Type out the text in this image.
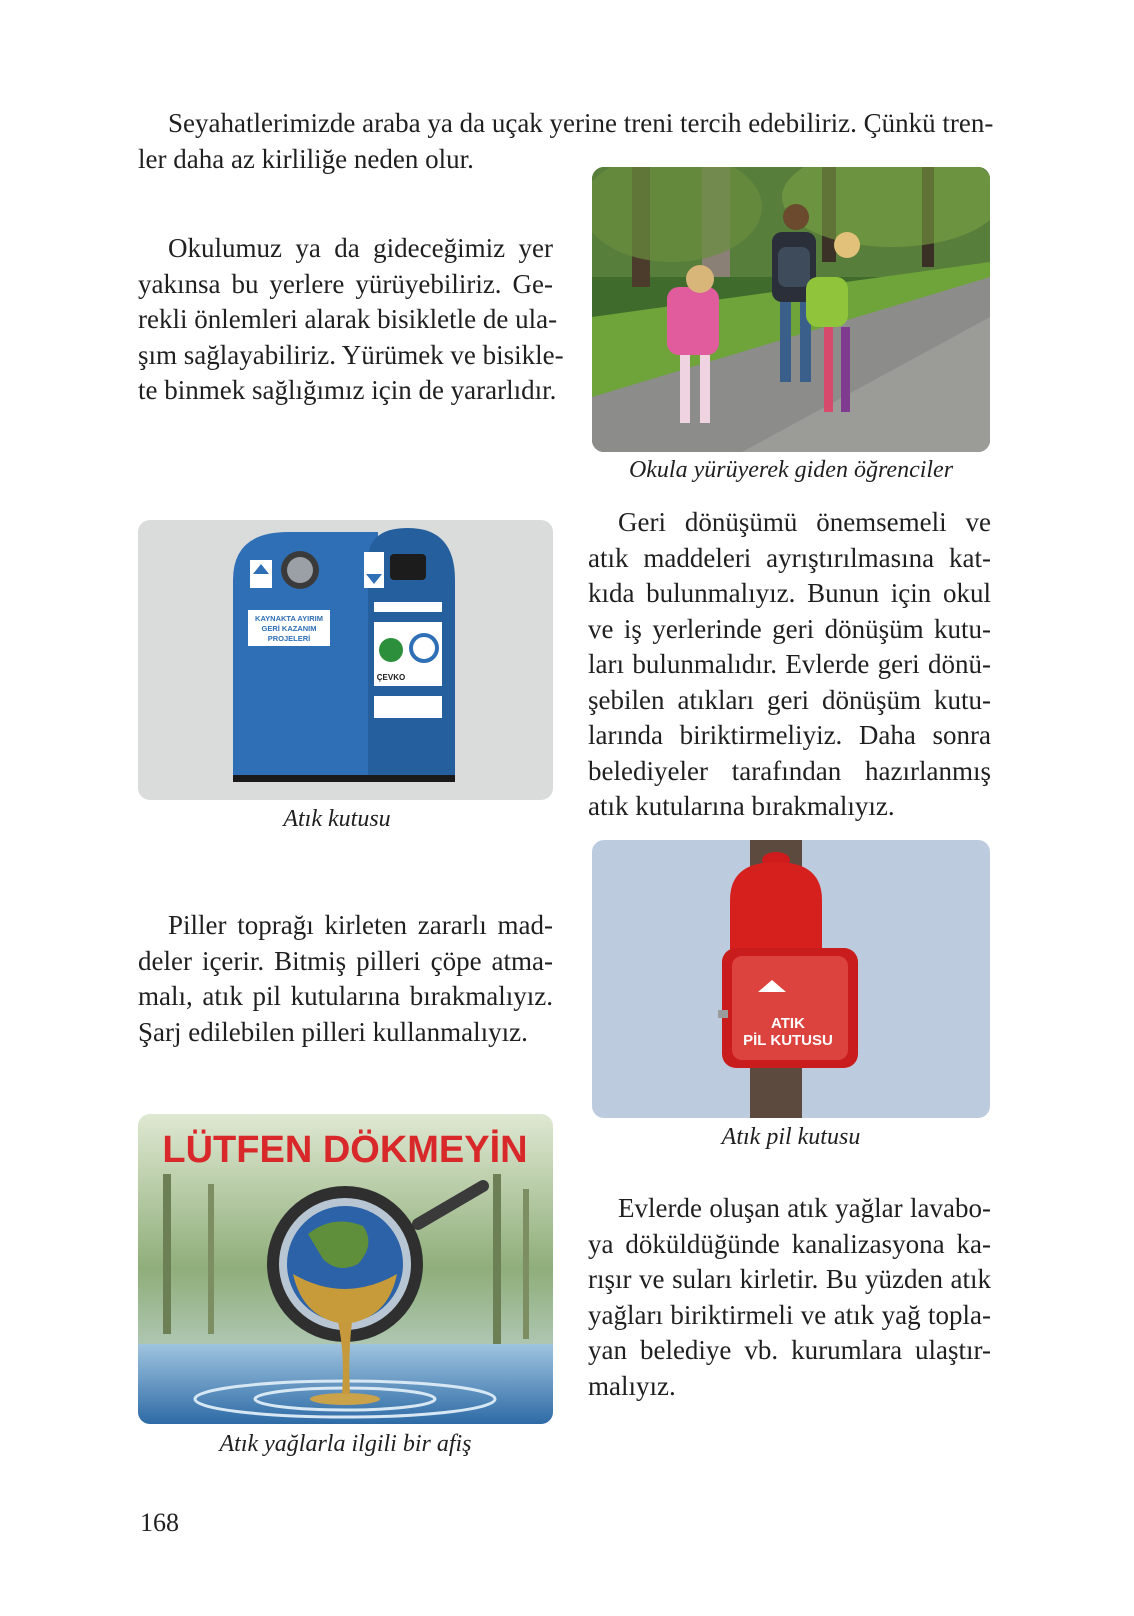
Seyahatlerimizde araba ya da uçak yerine treni tercih edebiliriz. Çünkü tren-
ler daha az kirliliğe neden olur.
Okulumuz ya da gideceğimiz yer
yakınsa bu yerlere yürüyebiliriz. Ge-
rekli önlemleri alarak bisikletle de ula-
şım sağlayabiliriz. Yürümek ve bisikle-
te binmek sağlığımız için de yararlıdır.
Okula yürüyerek giden öğrenciler
KAYNAKTA AYIRIM
GERİ KAZANIM
PROJELERİ
ÇEVKO
Atık kutusu
Geri dönüşümü önemsemeli ve
atık maddeleri ayrıştırılmasına kat-
kıda bulunmalıyız. Bunun için okul
ve iş yerlerinde geri dönüşüm kutu-
ları bulunmalıdır. Evlerde geri dönü-
şebilen atıkları geri dönüşüm kutu-
larında biriktirmeliyiz. Daha sonra
belediyeler tarafından hazırlanmış
atık kutularına bırakmalıyız.
ATIK
PİL KUTUSU
Atık pil kutusu
Piller toprağı kirleten zararlı mad-
deler içerir. Bitmiş pilleri çöpe atma-
malı, atık pil kutularına bırakmalıyız.
Şarj edilebilen pilleri kullanmalıyız.
LÜTFEN DÖKMEYİN
Atık yağlarla ilgili bir afiş
Evlerde oluşan atık yağlar lavabo-
ya döküldüğünde kanalizasyona ka-
rışır ve suları kirletir. Bu yüzden atık
yağları biriktirmeli ve atık yağ topla-
yan belediye vb. kurumlara ulaştır-
malıyız.
168
